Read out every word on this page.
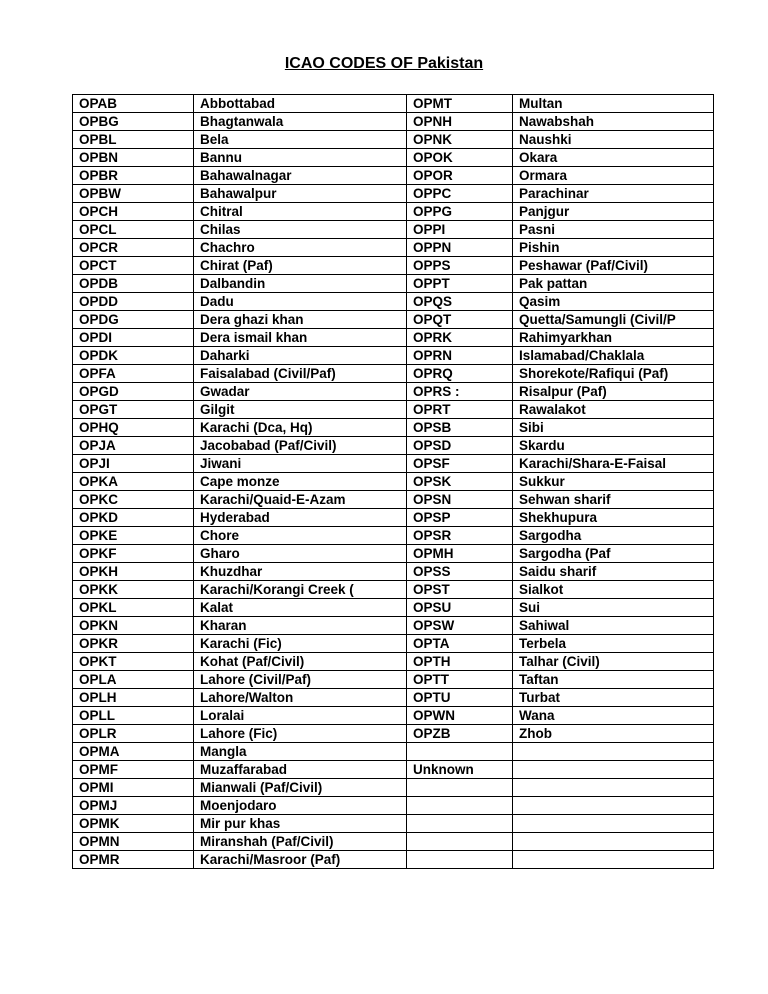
ICAO CODES OF Pakistan
OPAB	Abbottabad	OPMT	Multan
OPBG	Bhagtanwala	OPNH	Nawabshah
OPBL	Bela	OPNK	Naushki
OPBN	Bannu	OPOK	Okara
OPBR	Bahawalnagar	OPOR	Ormara
OPBW	Bahawalpur	OPPC	Parachinar
OPCH	Chitral	OPPG	Panjgur
OPCL	Chilas	OPPI	Pasni
OPCR	Chachro	OPPN	Pishin
OPCT	Chirat (Paf)	OPPS	Peshawar (Paf/Civil)
OPDB	Dalbandin	OPPT	Pak pattan
OPDD	Dadu	OPQS	Qasim
OPDG	Dera ghazi khan	OPQT	Quetta/Samungli (Civil/P
OPDI	Dera ismail khan	OPRK	Rahimyarkhan
OPDK	Daharki	OPRN	Islamabad/Chaklala
OPFA	Faisalabad (Civil/Paf)	OPRQ	Shorekote/Rafiqui (Paf)
OPGD	Gwadar	OPRS :	Risalpur (Paf)
OPGT	Gilgit	OPRT	Rawalakot
OPHQ	Karachi (Dca, Hq)	OPSB	Sibi
OPJA	Jacobabad (Paf/Civil)	OPSD	Skardu
OPJI	Jiwani	OPSF	Karachi/Shara-E-Faisal
OPKA	Cape monze	OPSK	Sukkur
OPKC	Karachi/Quaid-E-Azam	OPSN	Sehwan sharif
OPKD	Hyderabad	OPSP	Shekhupura
OPKE	Chore	OPSR	Sargodha
OPKF	Gharo	OPMH	Sargodha (Paf
OPKH	Khuzdhar	OPSS	Saidu sharif
OPKK	Karachi/Korangi Creek (	OPST	Sialkot
OPKL	Kalat	OPSU	Sui
OPKN	Kharan	OPSW	Sahiwal
OPKR	Karachi (Fic)	OPTA	Terbela
OPKT	Kohat (Paf/Civil)	OPTH	Talhar (Civil)
OPLA	Lahore (Civil/Paf)	OPTT	Taftan
OPLH	Lahore/Walton	OPTU	Turbat
OPLL	Loralai	OPWN	Wana
OPLR	Lahore (Fic)	OPZB	Zhob
OPMA	Mangla		
OPMF	Muzaffarabad	Unknown	
OPMI	Mianwali (Paf/Civil)		
OPMJ	Moenjodaro		
OPMK	Mir pur khas		
OPMN	Miranshah (Paf/Civil)		
OPMR	Karachi/Masroor (Paf)		
